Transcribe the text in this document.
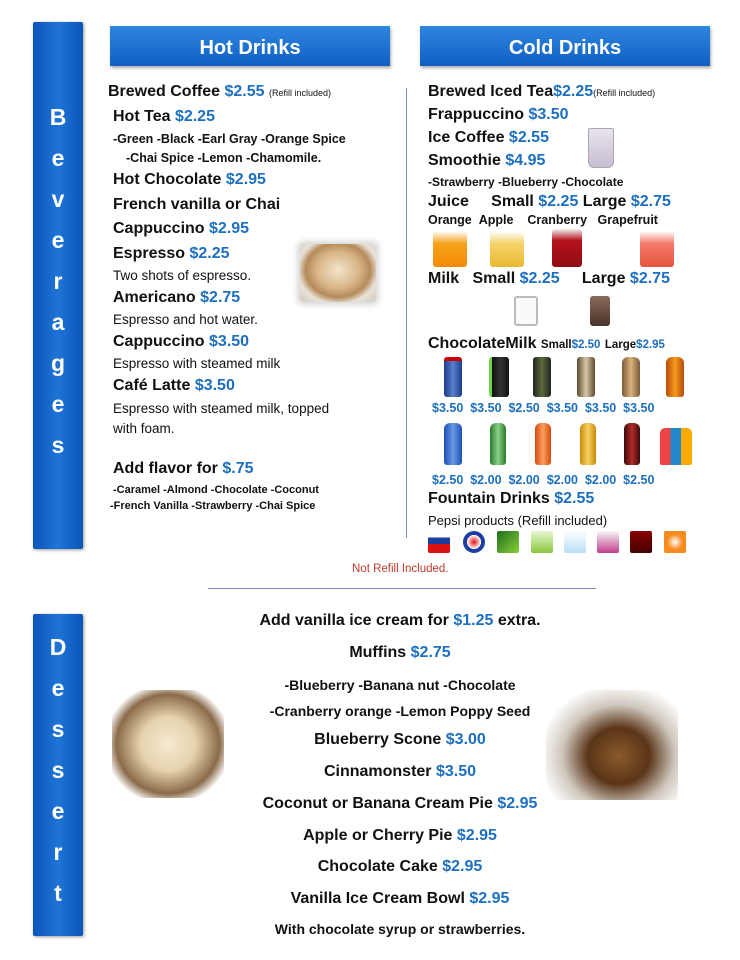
B
e
v
e
r
a
g
e
s
D
e
s
s
e
r
t
Hot Drinks	Cold Drinks
Brewed Coffee $2.55 (Refill included)
Hot Tea $2.25
-Green -Black -Earl Gray -Orange Spice
-Chai Spice -Lemon -Chamomile.
Hot Chocolate $2.95
French vanilla or Chai
Cappuccino $2.95
Espresso $2.25
Two shots of espresso.
Americano $2.75
Espresso and hot water.
Cappuccino $3.50
Espresso with steamed milk
Café Latte $3.50
Espresso with steamed milk, topped
with foam.
Add flavor for $.75
-Caramel -Almond -Chocolate -Coconut
-French Vanilla -Strawberry -Chai Spice
Brewed Iced Tea$2.25(Refill included)
Frappuccino $3.50
Ice Coffee $2.55
Smoothie $4.95
-Strawberry -Blueberry -Chocolate
Juice Small $2.25 Large $2.75
Orange Apple Cranberry Grapefruit
Milk Small $2.25 Large $2.75
ChocolateMilk Small$2.50 Large$2.95
Fountain Drinks $2.55
Pepsi products (Refill included)
$3.50 $3.50 $2.50 $3.50 $3.50 $3.50
$2.50 $2.00 $2.00 $2.00 $2.00 $2.50
Not Refill Included.
Add vanilla ice cream for $1.25 extra.
Muffins $2.75
-Blueberry -Banana nut -Chocolate
-Cranberry orange -Lemon Poppy Seed
Blueberry Scone $3.00
Cinnamonster $3.50
Coconut or Banana Cream Pie $2.95
Apple or Cherry Pie $2.95
Chocolate Cake $2.95
Vanilla Ice Cream Bowl $2.95
With chocolate syrup or strawberries.
